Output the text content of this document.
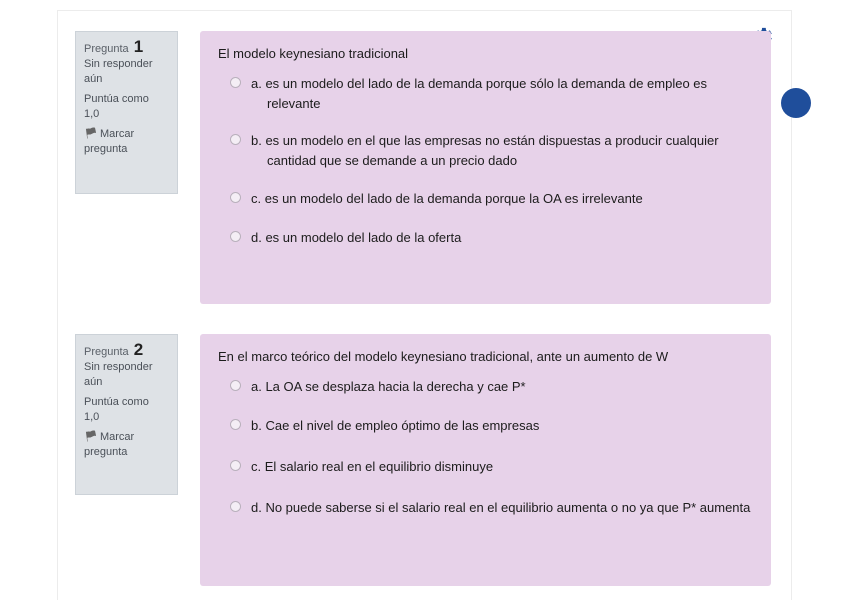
Pregunta 1
Sin responder aún
Puntúa como
1,0
🏴︎ Marcar pregunta
El modelo keynesiano tradicional
a. es un modelo del lado de la demanda porque sólo la demanda de empleo es relevante
b. es un modelo en el que las empresas no están dispuestas a producir cualquier cantidad que se demande a un precio dado
c. es un modelo del lado de la demanda porque la OA es irrelevante
d. es un modelo del lado de la oferta
Pregunta 2
Sin responder aún
Puntúa como
1,0
🏴︎ Marcar pregunta
En el marco teórico del modelo keynesiano tradicional, ante un aumento de W
a. La OA se desplaza hacia la derecha y cae P*
b. Cae el nivel de empleo óptimo de las empresas
c. El salario real en el equilibrio disminuye
d. No puede saberse si el salario real en el equilibrio aumenta o no ya que P* aumenta
